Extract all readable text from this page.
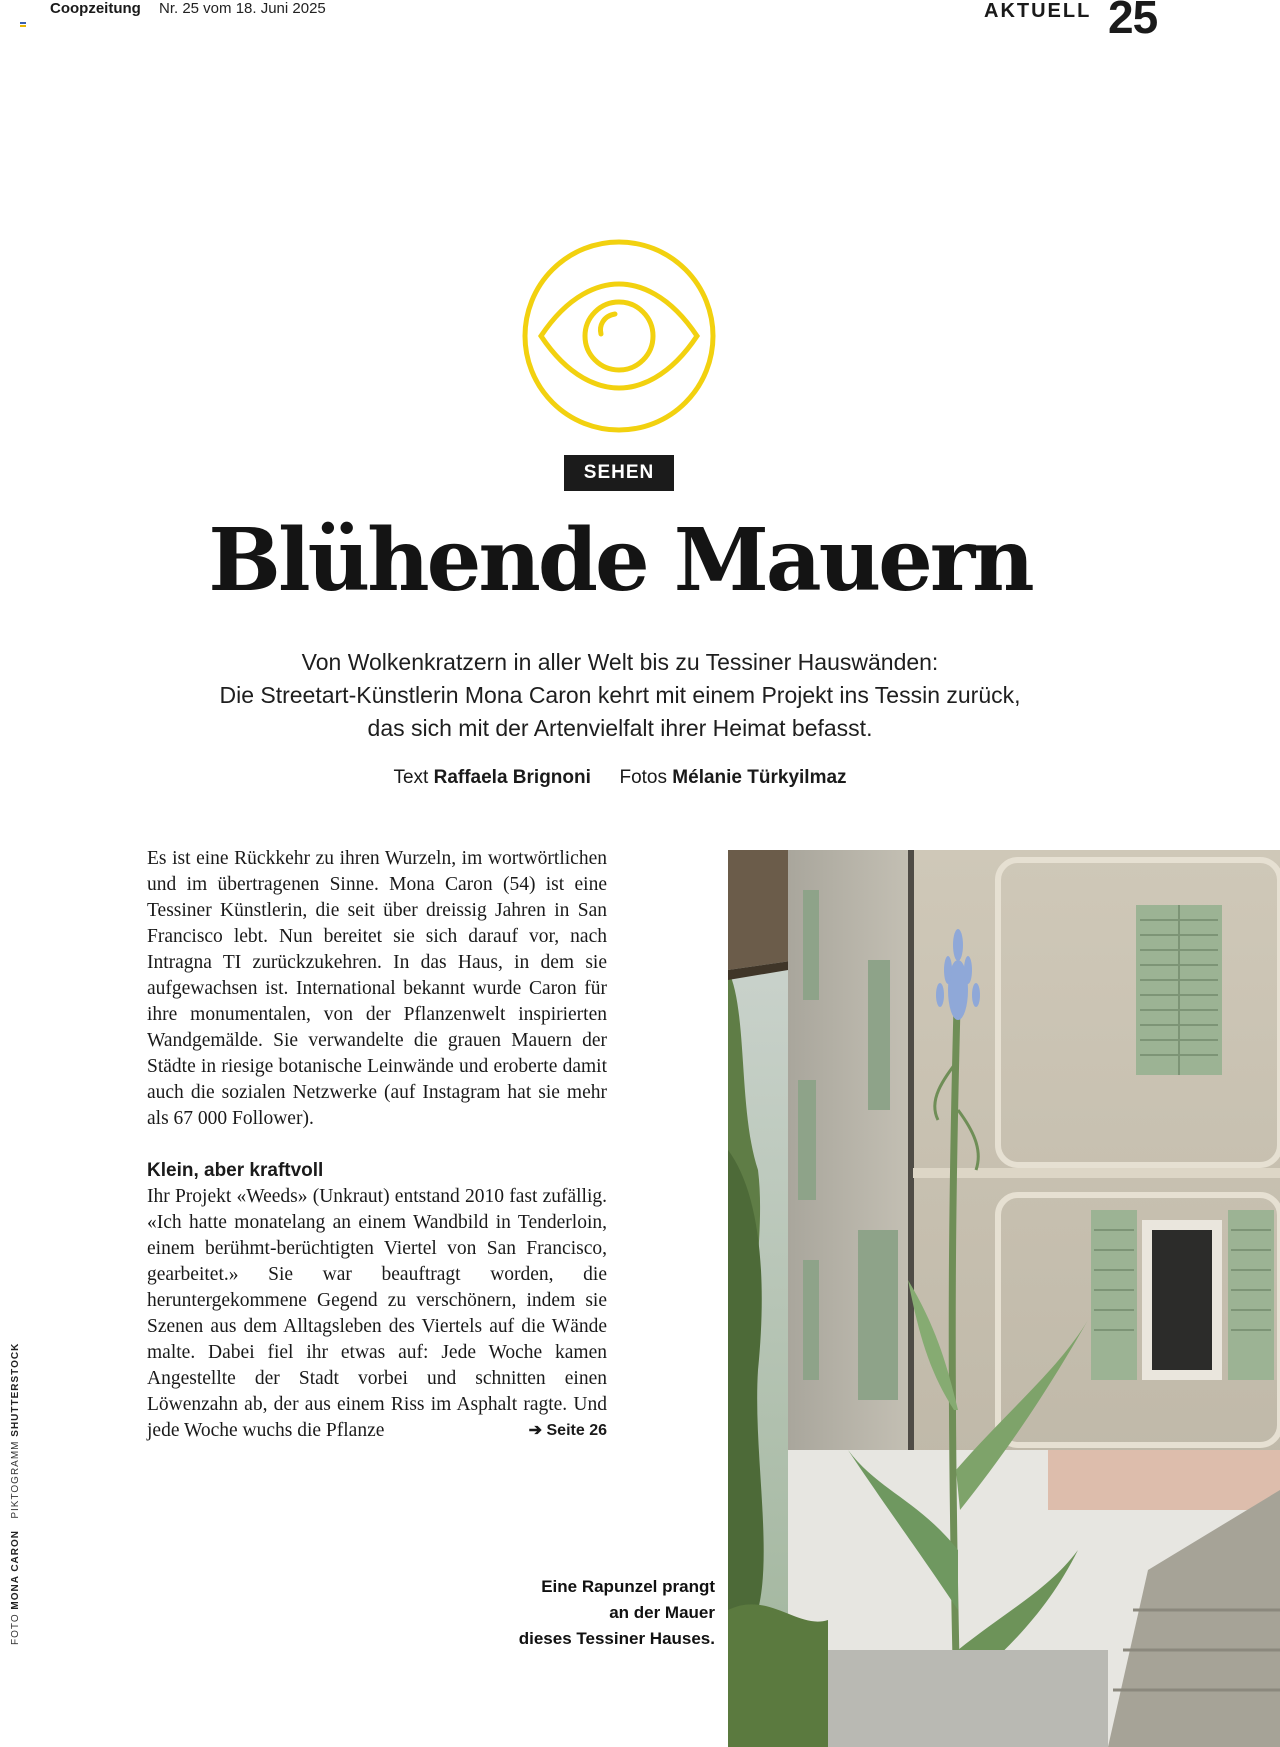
Coopzeitung Nr. 25 vom 18. Juni 2025	AKTUELL 25
SEHEN
Blühende Mauern
Von Wolkenkratzern in aller Welt bis zu Tessiner Hauswänden:
Die Streetart-Künstlerin Mona Caron kehrt mit einem Projekt ins Tessin zurück,
das sich mit der Artenvielfalt ihrer Heimat befasst.
Text Raffaela Brignoni Fotos Mélanie Türkyilmaz

Es ist eine Rückkehr zu ihren Wurzeln, im wortwörtlichen und im übertragenen Sinne. Mona Caron (54) ist eine Tessiner Künstlerin, die seit über dreissig Jahren in San Francisco lebt. Nun bereitet sie sich darauf vor, nach Intragna TI zurückzukehren. In das Haus, in dem sie aufgewachsen ist. International bekannt wurde Caron für ihre monumentalen, von der Pflanzenwelt inspirierten Wandgemälde. Sie verwandelte die grauen Mauern der Städte in riesige botanische Leinwände und eroberte damit auch die sozialen Netzwerke (auf Instagram hat sie mehr als 67 000 Follower).

Klein, aber kraftvoll

Ihr Projekt «Weeds» (Unkraut) entstand 2010 fast zufällig. «Ich hatte monatelang an einem Wandbild in Tenderloin, einem berühmt-berüchtigten Viertel von San Francisco, gearbeitet.» Sie war beauftragt worden, die heruntergekommene Gegend zu verschönern, indem sie Szenen aus dem Alltagsleben des Viertels auf die Wände malte. Dabei fiel ihr etwas auf: Jede Woche kamen Angestellte der Stadt vorbei und schnitten einen Löwenzahn ab, der aus einem Riss im Asphalt ragte. Und jede Woche wuchs die Pflanze	➔ Seite 26

Eine Rapunzel prangt
an der Mauer
dieses Tessiner Hauses.
FOTO MONA CARON   PIKTOGRAMM SHUTTERSTOCK
